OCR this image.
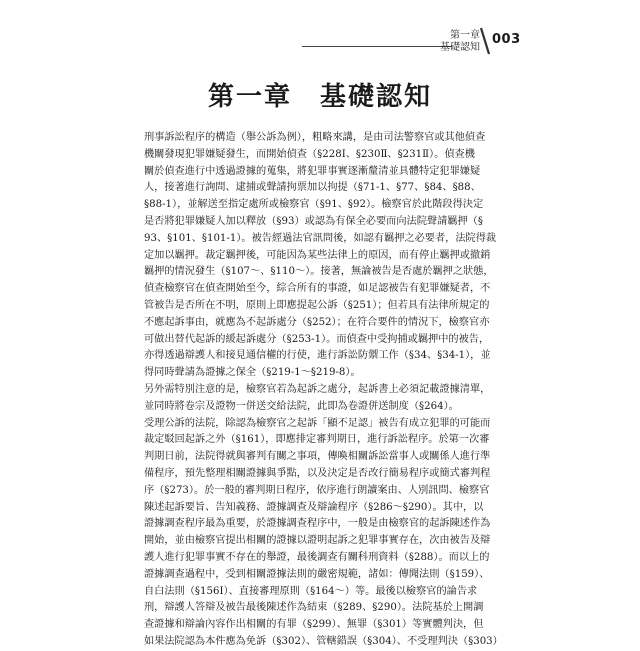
第一章
基礎認知
003
第一章　基礎認知
刑事訴訟程序的構造（舉公訴為例），粗略來講，是由司法警察官或其他偵查
機關發現犯罪嫌疑發生，而開始偵查（§228Ⅰ、§230Ⅱ、§231Ⅱ）。偵查機
關於偵查進行中透過證據的蒐集，將犯罪事實逐漸釐清並具體特定犯罪嫌疑
人，接著進行詢問、逮捕或聲請拘票加以拘提（§71-1、§77、§84、§88、
§88-1），並解送至指定處所或檢察官（§91、§92）。檢察官於此階段得決定
是否將犯罪嫌疑人加以釋放（§93）或認為有保全必要而向法院聲請羈押（§
93、§101、§101-1）。被告經過法官訊問後，如認有羈押之必要者，法院得裁
定加以羈押。裁定羈押後，可能因為某些法律上的原因，而有停止羈押或撤銷
羈押的情況發生（§107～、§110～）。接著，無論被告是否處於羈押之狀態，
偵查檢察官在偵查開始至今，綜合所有的事證，如足認被告有犯罪嫌疑者，不
管被告是否所在不明，原則上即應提起公訴（§251）；但若具有法律所規定的
不應起訴事由，就應為不起訴處分（§252）；在符合要件的情況下，檢察官亦
可做出替代起訴的緩起訴處分（§253-1）。而偵查中受拘捕或羈押中的被告，
亦得透過辯護人和接見通信權的行使，進行訴訟防禦工作（§34、§34-1），並
得同時聲請為證據之保全（§219-1～§219-8）。
另外需特別注意的是，檢察官若為起訴之處分，起訴書上必須記載證據清單，
並同時將卷宗及證物一併送交給法院，此即為卷證併送制度（§264）。
受理公訴的法院，除認為檢察官之起訴「顯不足認」被告有成立犯罪的可能而
裁定駁回起訴之外（§161），即應排定審判期日，進行訴訟程序。於第一次審
判期日前，法院得就與審判有關之事項，傳喚相關訴訟當事人或關係人進行準
備程序，預先整理相關證據與爭點，以及決定是否改行簡易程序或簡式審判程
序（§273）。於一般的審判期日程序，依序進行朗讀案由、人別訊問、檢察官
陳述起訴要旨、告知義務、證據調查及辯論程序（§286～§290）。其中，以
證據調查程序最為重要，於證據調查程序中，一般是由檢察官的起訴陳述作為
開始，並由檢察官提出相關的證據以證明起訴之犯罪事實存在，次由被告及辯
護人進行犯罪事實不存在的舉證，最後調查有關科刑資料（§288）。而以上的
證據調查過程中，受到相關證據法則的嚴密規範，諸如：傳聞法則（§159）、
自白法則（§156Ⅰ）、直接審理原則（§164～）等。最後以檢察官的論告求
刑，辯護人答辯及被告最後陳述作為結束（§289、§290）。法院基於上開調
查證據和辯論內容作出相關的有罪（§299）、無罪（§301）等實體判決，但
如果法院認為本件應為免訴（§302）、管轄錯誤（§304）、不受理判決（§303）
